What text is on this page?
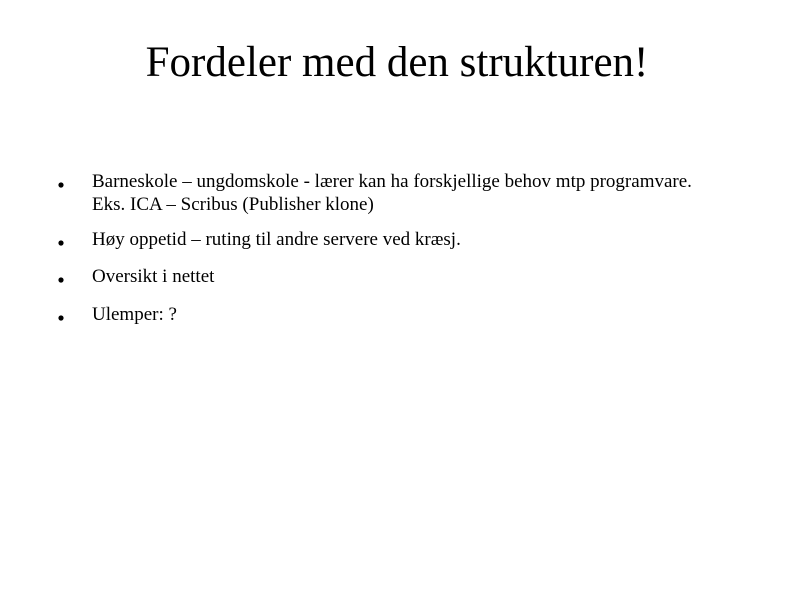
Fordeler med den strukturen!
Barneskole – ungdomskole - lærer kan ha forskjellige behov mtp programvare.
Eks. ICA – Scribus (Publisher klone)
Høy oppetid – ruting til andre servere ved kræsj.
Oversikt i nettet
Ulemper: ?
